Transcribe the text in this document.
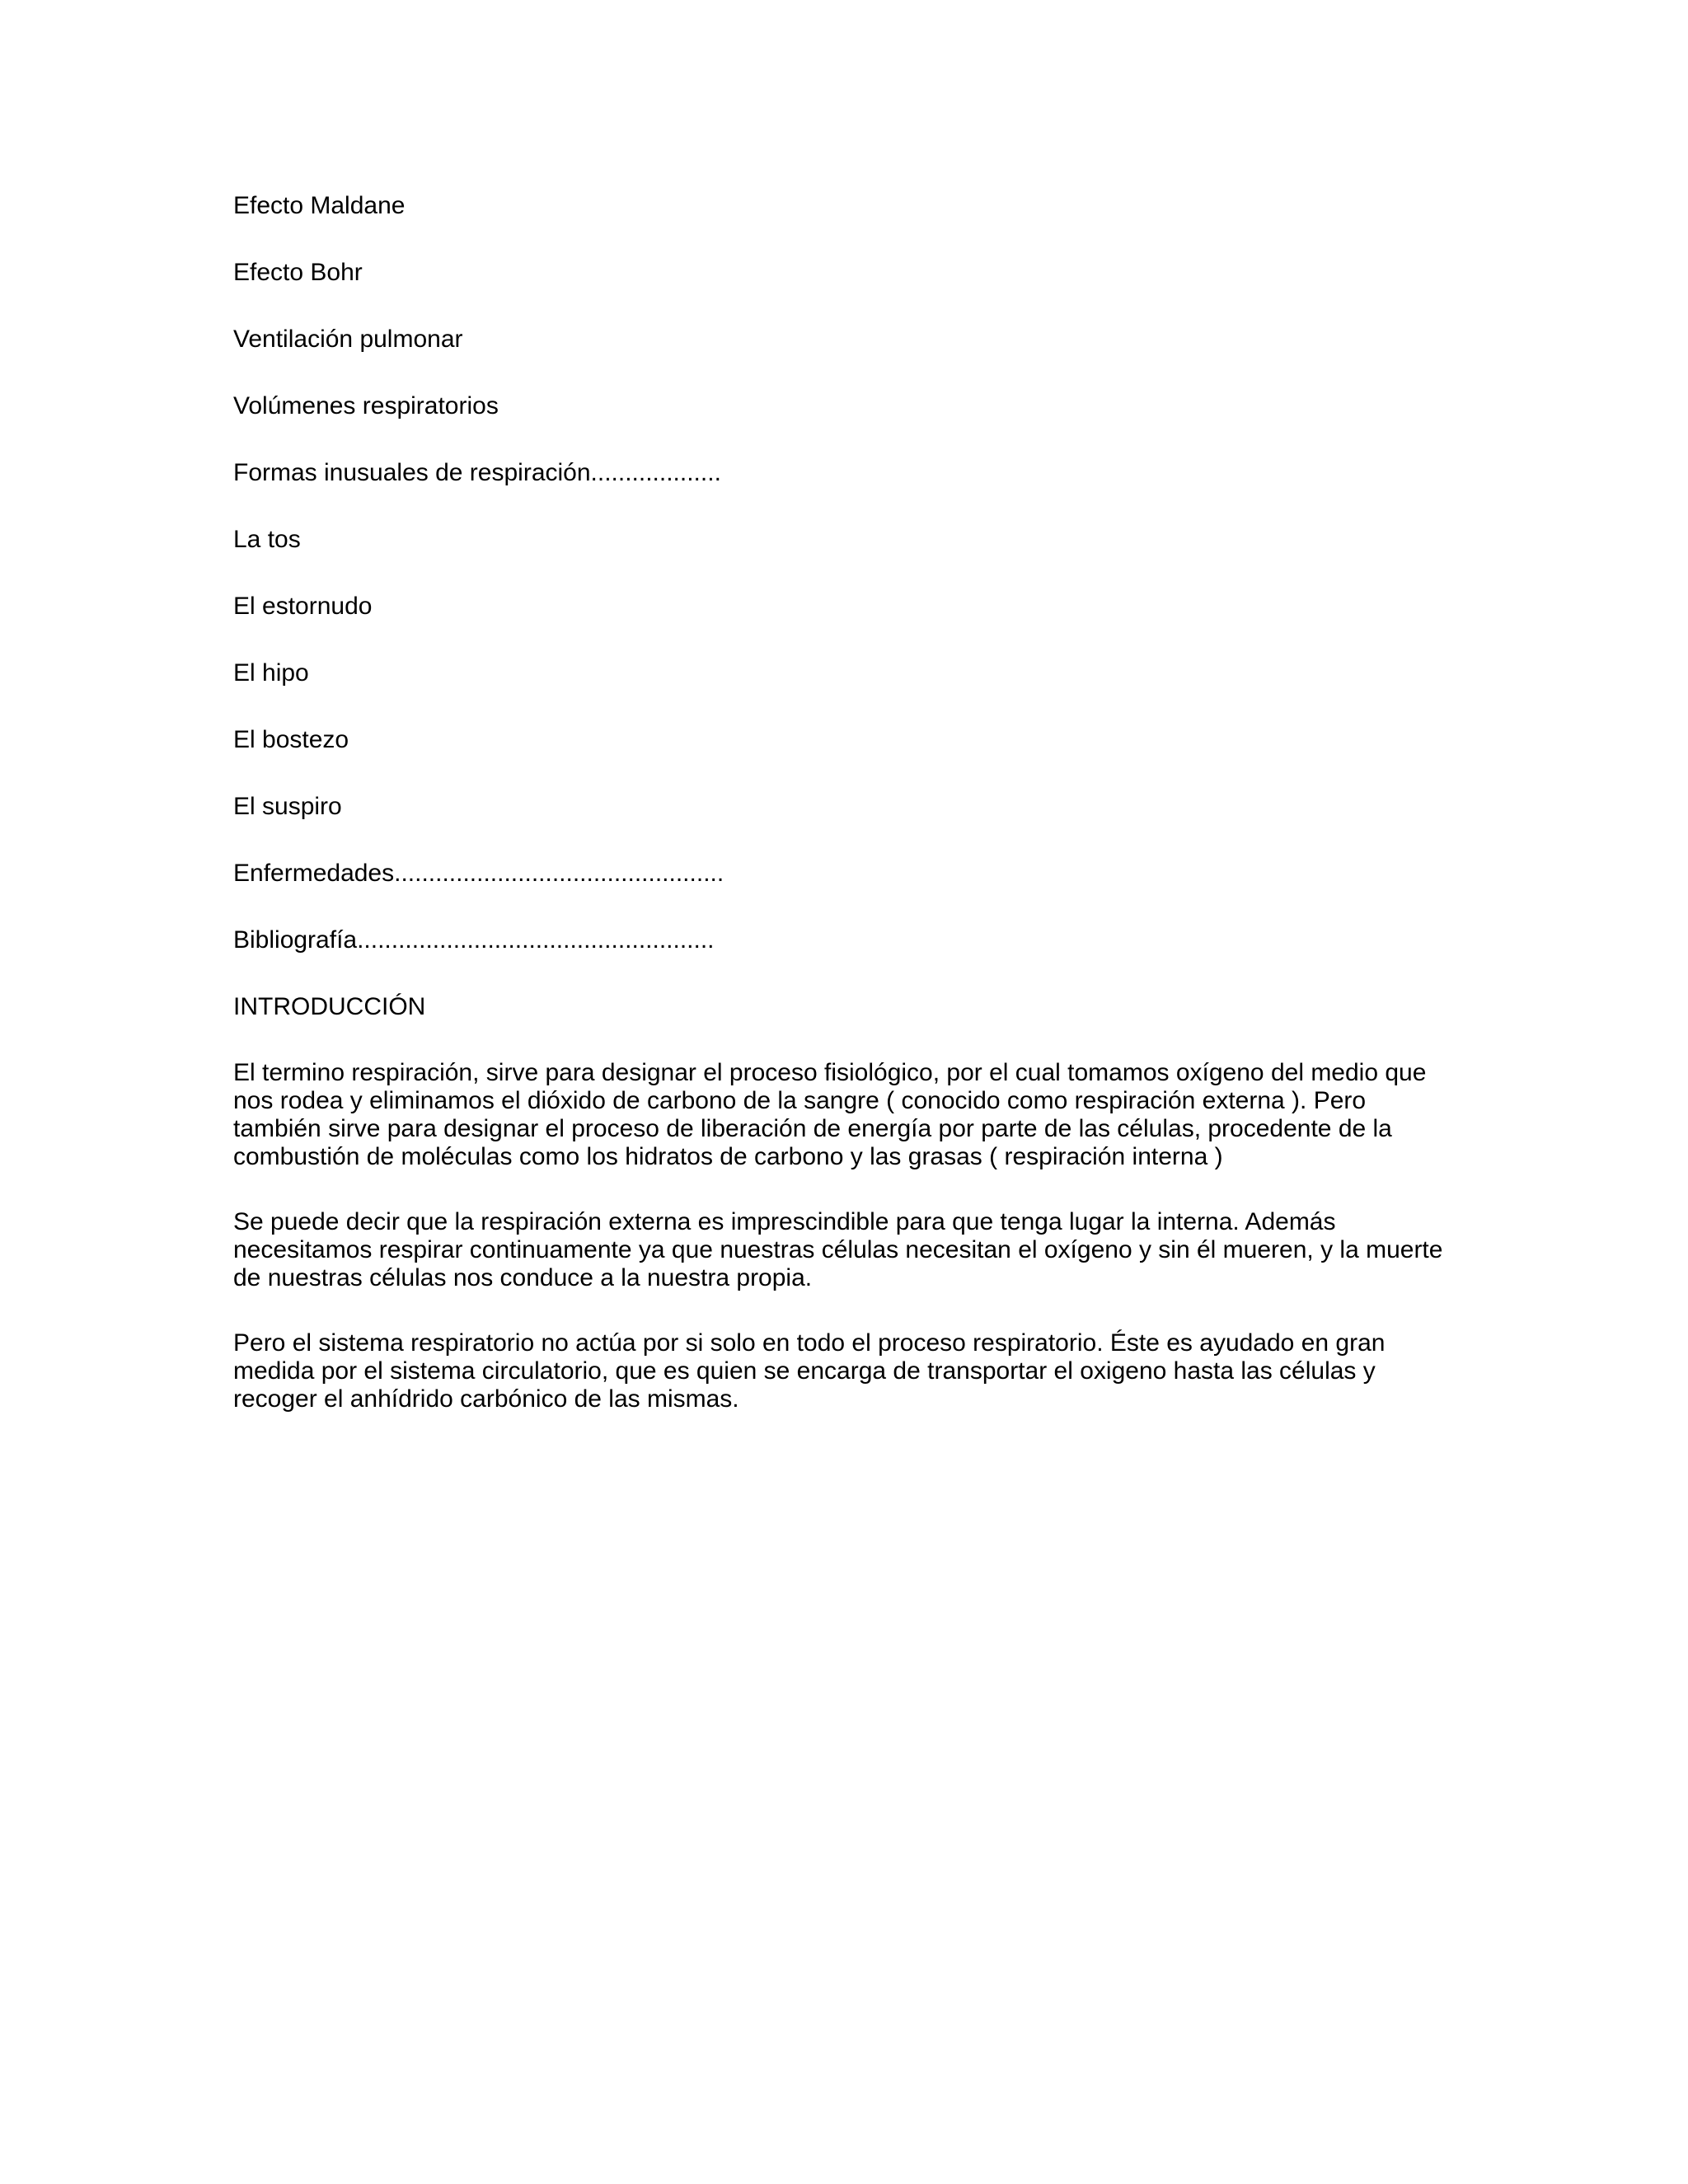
Efecto Maldane
Efecto Bohr
Ventilación pulmonar
Volúmenes respiratorios
Formas inusuales de respiración...................
La tos
El estornudo
El hipo
El bostezo
El suspiro
Enfermedades................................................
Bibliografía....................................................
INTRODUCCIÓN
El termino respiración, sirve para designar el proceso fisiológico, por el cual tomamos oxígeno del medio que
nos rodea y eliminamos el dióxido de carbono de la sangre ( conocido como respiración externa ). Pero
también sirve para designar el proceso de liberación de energía por parte de las células, procedente de la
combustión de moléculas como los hidratos de carbono y las grasas ( respiración interna )
Se puede decir que la respiración externa es imprescindible para que tenga lugar la interna. Además
necesitamos respirar continuamente ya que nuestras células necesitan el oxígeno y sin él mueren, y la muerte
de nuestras células nos conduce a la nuestra propia.
Pero el sistema respiratorio no actúa por si solo en todo el proceso respiratorio. Éste es ayudado en gran
medida por el sistema circulatorio, que es quien se encarga de transportar el oxigeno hasta las células y
recoger el anhídrido carbónico de las mismas.
